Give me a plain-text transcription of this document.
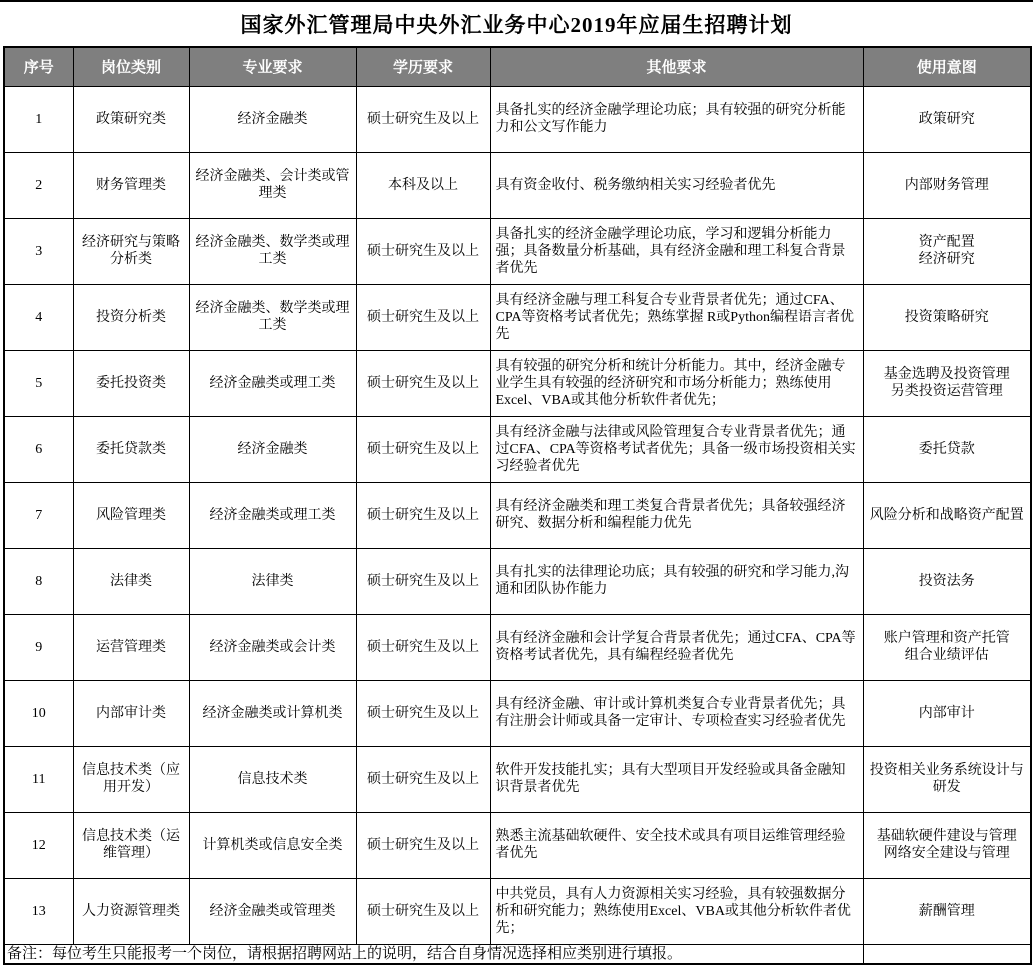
国家外汇管理局中央外汇业务中心2019年应届生招聘计划
序号	岗位类别	专业要求	学历要求	其他要求	使用意图
1	政策研究类	经济金融类	硕士研究生及以上	具备扎实的经济金融学理论功底；具有较强的研究分析能力和公文写作能力	政策研究
2	财务管理类	经济金融类、会计类或管理类	本科及以上	具有资金收付、税务缴纳相关实习经验者优先	内部财务管理
3	经济研究与策略分析类	经济金融类、数学类或理工类	硕士研究生及以上	具备扎实的经济金融学理论功底，学习和逻辑分析能力强；具备数量分析基础，具有经济金融和理工科复合背景者优先	资产配置
经济研究
4	投资分析类	经济金融类、数学类或理工类	硕士研究生及以上	具有经济金融与理工科复合专业背景者优先；通过CFA、CPA等资格考试者优先；熟练掌握 R或Python编程语言者优先	投资策略研究
5	委托投资类	经济金融类或理工类	硕士研究生及以上	具有较强的研究分析和统计分析能力。其中，经济金融专业学生具有较强的经济研究和市场分析能力；熟练使用Excel、VBA或其他分析软件者优先；	基金选聘及投资管理
另类投资运营管理
6	委托贷款类	经济金融类	硕士研究生及以上	具有经济金融与法律或风险管理复合专业背景者优先；通过CFA、CPA等资格考试者优先；具备一级市场投资相关实习经验者优先	委托贷款
7	风险管理类	经济金融类或理工类	硕士研究生及以上	具有经济金融类和理工类复合背景者优先；具备较强经济研究、数据分析和编程能力优先	风险分析和战略资产配置
8	法律类	法律类	硕士研究生及以上	具有扎实的法律理论功底；具有较强的研究和学习能力,沟通和团队协作能力	投资法务
9	运营管理类	经济金融类或会计类	硕士研究生及以上	具有经济金融和会计学复合背景者优先；通过CFA、CPA等资格考试者优先，具有编程经验者优先	账户管理和资产托管
组合业绩评估
10	内部审计类	经济金融类或计算机类	硕士研究生及以上	具有经济金融、审计或计算机类复合专业背景者优先；具有注册会计师或具备一定审计、专项检查实习经验者优先	内部审计
11	信息技术类（应用开发）	信息技术类	硕士研究生及以上	软件开发技能扎实；具有大型项目开发经验或具备金融知识背景者优先	投资相关业务系统设计与研发
12	信息技术类（运维管理）	计算机类或信息安全类	硕士研究生及以上	熟悉主流基础软硬件、安全技术或具有项目运维管理经验者优先	基础软硬件建设与管理
网络安全建设与管理
13	人力资源管理类	经济金融类或管理类	硕士研究生及以上	中共党员，具有人力资源相关实习经验，具有较强数据分析和研究能力；熟练使用Excel、VBA或其他分析软件者优先；	薪酬管理
备注：每位考生只能报考一个岗位，请根据招聘网站上的说明，结合自身情况选择相应类别进行填报。					
